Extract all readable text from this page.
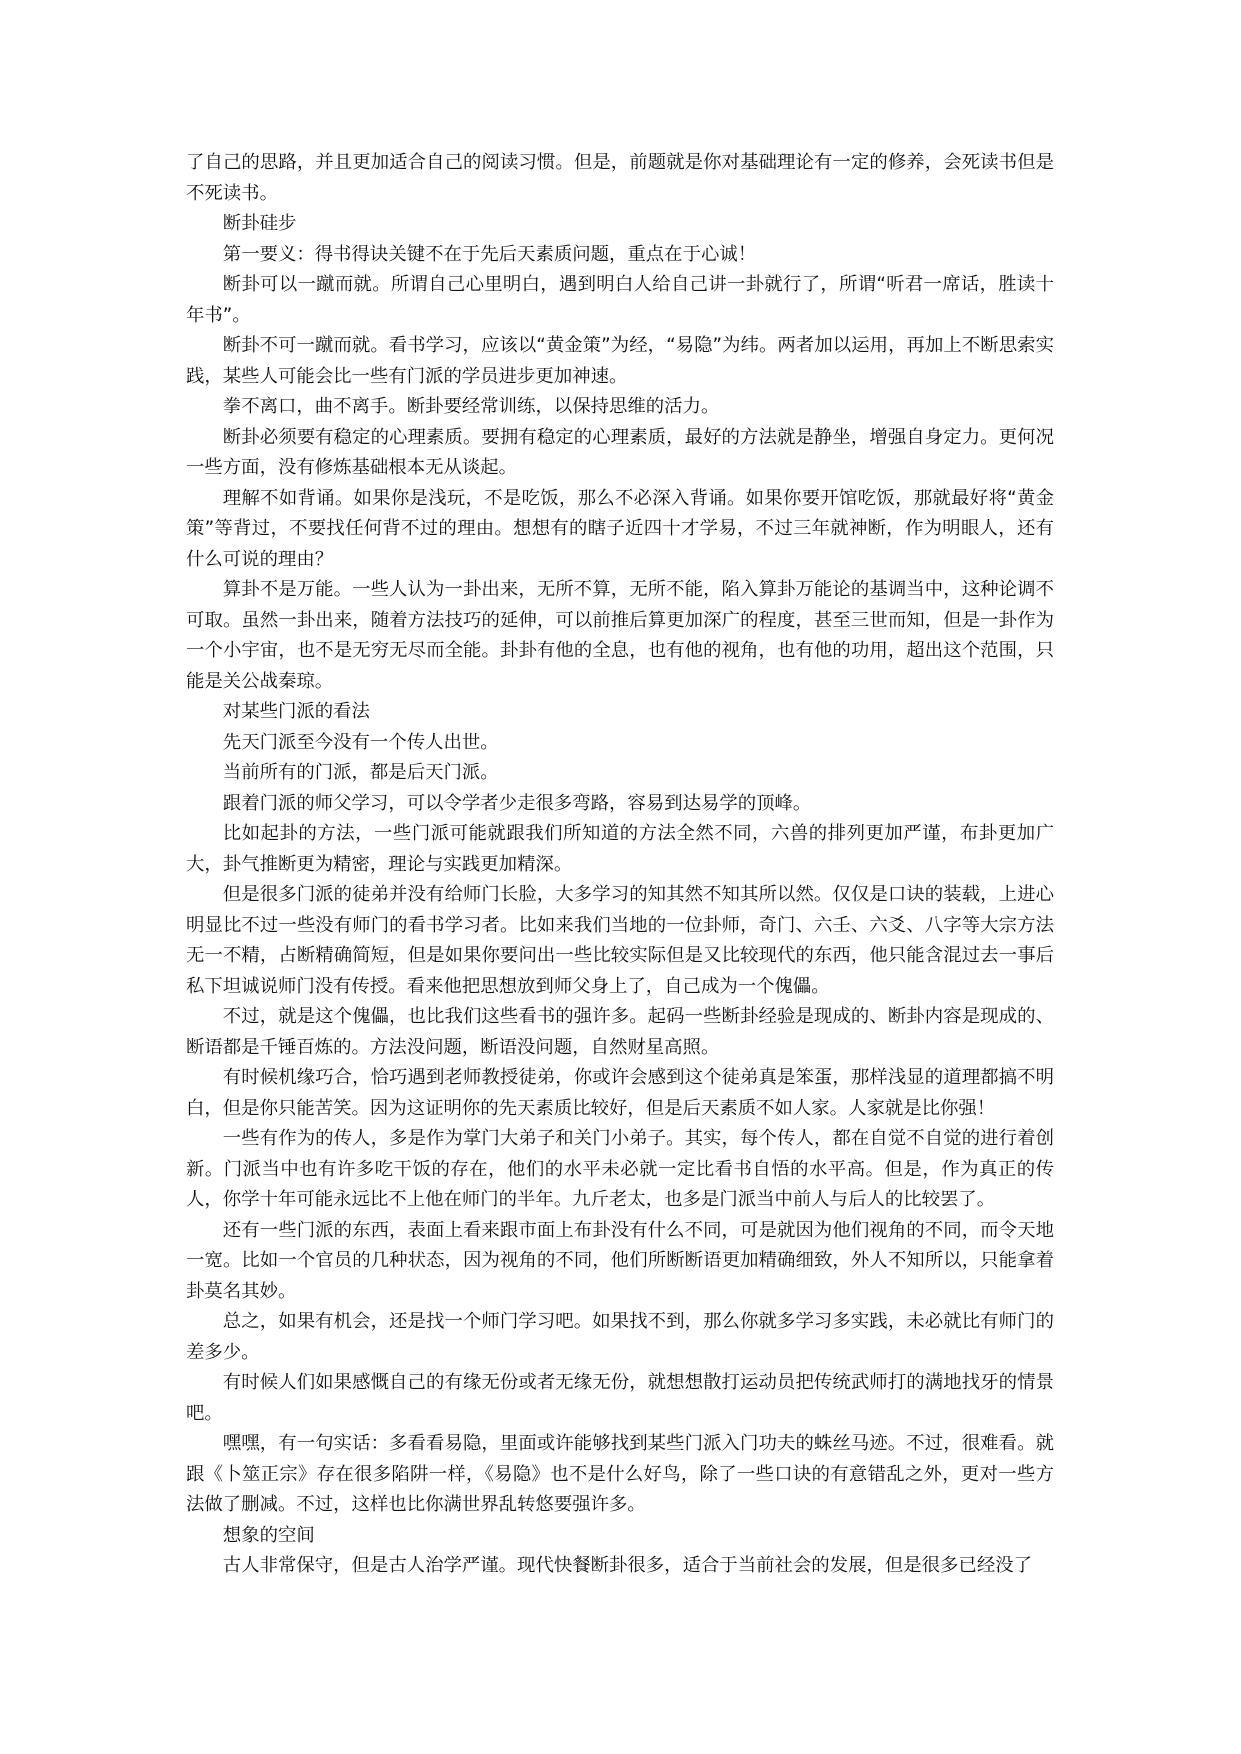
了自己的思路，并且更加适合自己的阅读习惯。但是，前题就是你对基础理论有一定的修养，会死读书但是不死读书。

断卦硅步

第一要义：得书得诀关键不在于先后天素质问题，重点在于心诚！

断卦可以一蹴而就。所谓自己心里明白，遇到明白人给自己讲一卦就行了，所谓“听君一席话，胜读十年书”。

断卦不可一蹴而就。看书学习，应该以“黄金策”为经，“易隐”为纬。两者加以运用，再加上不断思索实践，某些人可能会比一些有门派的学员进步更加神速。

拳不离口，曲不离手。断卦要经常训练，以保持思维的活力。

断卦必须要有稳定的心理素质。要拥有稳定的心理素质，最好的方法就是静坐，增强自身定力。更何况一些方面，没有修炼基础根本无从谈起。

理解不如背诵。如果你是浅玩，不是吃饭，那么不必深入背诵。如果你要开馆吃饭，那就最好将“黄金策”等背过，不要找任何背不过的理由。想想有的瞎子近四十才学易，不过三年就神断，作为明眼人，还有什么可说的理由？

算卦不是万能。一些人认为一卦出来，无所不算，无所不能，陷入算卦万能论的基调当中，这种论调不可取。虽然一卦出来，随着方法技巧的延伸，可以前推后算更加深广的程度，甚至三世而知，但是一卦作为一个小宇宙，也不是无穷无尽而全能。卦卦有他的全息，也有他的视角，也有他的功用，超出这个范围，只能是关公战秦琼。

对某些门派的看法

先天门派至今没有一个传人出世。

当前所有的门派，都是后天门派。

跟着门派的师父学习，可以令学者少走很多弯路，容易到达易学的顶峰。

比如起卦的方法，一些门派可能就跟我们所知道的方法全然不同，六兽的排列更加严谨，布卦更加广大，卦气推断更为精密，理论与实践更加精深。

但是很多门派的徒弟并没有给师门长脸，大多学习的知其然不知其所以然。仅仅是口诀的装载，上进心明显比不过一些没有师门的看书学习者。比如来我们当地的一位卦师，奇门、六壬、六爻、八字等大宗方法无一不精，占断精确简短，但是如果你要问出一些比较实际但是又比较现代的东西，他只能含混过去一事后私下坦诚说师门没有传授。看来他把思想放到师父身上了，自己成为一个傀儡。

不过，就是这个傀儡，也比我们这些看书的强许多。起码一些断卦经验是现成的、断卦内容是现成的、断语都是千锤百炼的。方法没问题，断语没问题，自然财星高照。

有时候机缘巧合，恰巧遇到老师教授徒弟，你或许会感到这个徒弟真是笨蛋，那样浅显的道理都搞不明白，但是你只能苦笑。因为这证明你的先天素质比较好，但是后天素质不如人家。人家就是比你强！

一些有作为的传人，多是作为掌门大弟子和关门小弟子。其实，每个传人，都在自觉不自觉的进行着创新。门派当中也有许多吃干饭的存在，他们的水平未必就一定比看书自悟的水平高。但是，作为真正的传人，你学十年可能永远比不上他在师门的半年。九斤老太，也多是门派当中前人与后人的比较罢了。

还有一些门派的东西，表面上看来跟市面上布卦没有什么不同，可是就因为他们视角的不同，而令天地一宽。比如一个官员的几种状态，因为视角的不同，他们所断断语更加精确细致，外人不知所以，只能拿着卦莫名其妙。

总之，如果有机会，还是找一个师门学习吧。如果找不到，那么你就多学习多实践，未必就比有师门的差多少。

有时候人们如果感慨自己的有缘无份或者无缘无份，就想想散打运动员把传统武师打的满地找牙的情景吧。

嘿嘿，有一句实话：多看看易隐，里面或许能够找到某些门派入门功夫的蛛丝马迹。不过，很难看。就跟《卜筮正宗》存在很多陷阱一样，《易隐》也不是什么好鸟，除了一些口诀的有意错乱之外，更对一些方法做了删减。不过，这样也比你满世界乱转悠要强许多。

想象的空间

古人非常保守，但是古人治学严谨。现代快餐断卦很多，适合于当前社会的发展，但是很多已经没了
